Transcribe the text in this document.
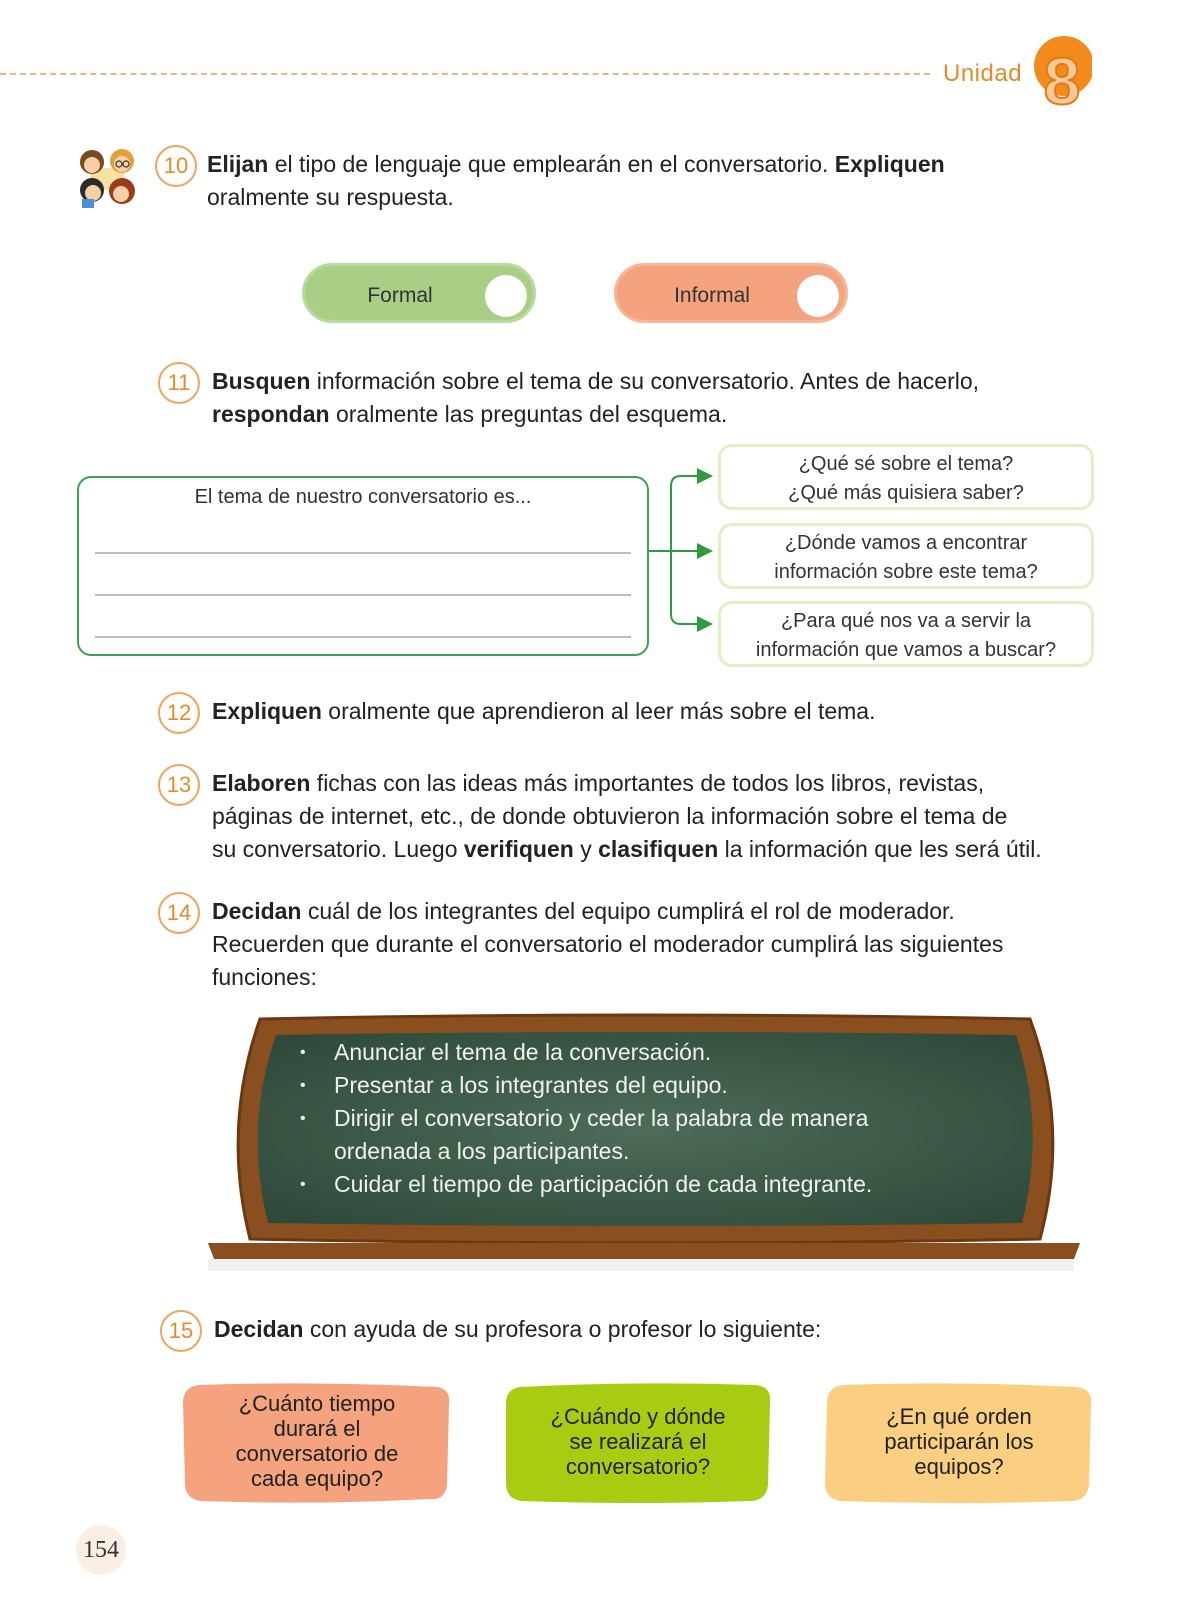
Unidad 8
10 Elijan el tipo de lenguaje que emplearán en el conversatorio. Expliquen
oralmente su respuesta.
Formal	Informal
11 Busquen información sobre el tema de su conversatorio. Antes de hacerlo,
respondan oralmente las preguntas del esquema.
El tema de nuestro conversatorio es...
¿Qué sé sobre el tema?
¿Qué más quisiera saber?
¿Dónde vamos a encontrar
información sobre este tema?
¿Para qué nos va a servir la
información que vamos a buscar?
12 Expliquen oralmente que aprendieron al leer más sobre el tema.
13 Elaboren fichas con las ideas más importantes de todos los libros, revistas,
páginas de internet, etc., de donde obtuvieron la información sobre el tema de
su conversatorio. Luego verifiquen y clasifiquen la información que les será útil.
14 Decidan cuál de los integrantes del equipo cumplirá el rol de moderador.
Recuerden que durante el conversatorio el moderador cumplirá las siguientes
funciones:
• Anunciar el tema de la conversación.
• Presentar a los integrantes del equipo.
• Dirigir el conversatorio y ceder la palabra de manera
ordenada a los participantes.
• Cuidar el tiempo de participación de cada integrante.
15 Decidan con ayuda de su profesora o profesor lo siguiente:
¿Cuánto tiempo
durará el
conversatorio de
cada equipo?
¿Cuándo y dónde
se realizará el
conversatorio?
¿En qué orden
participarán los
equipos?
154
